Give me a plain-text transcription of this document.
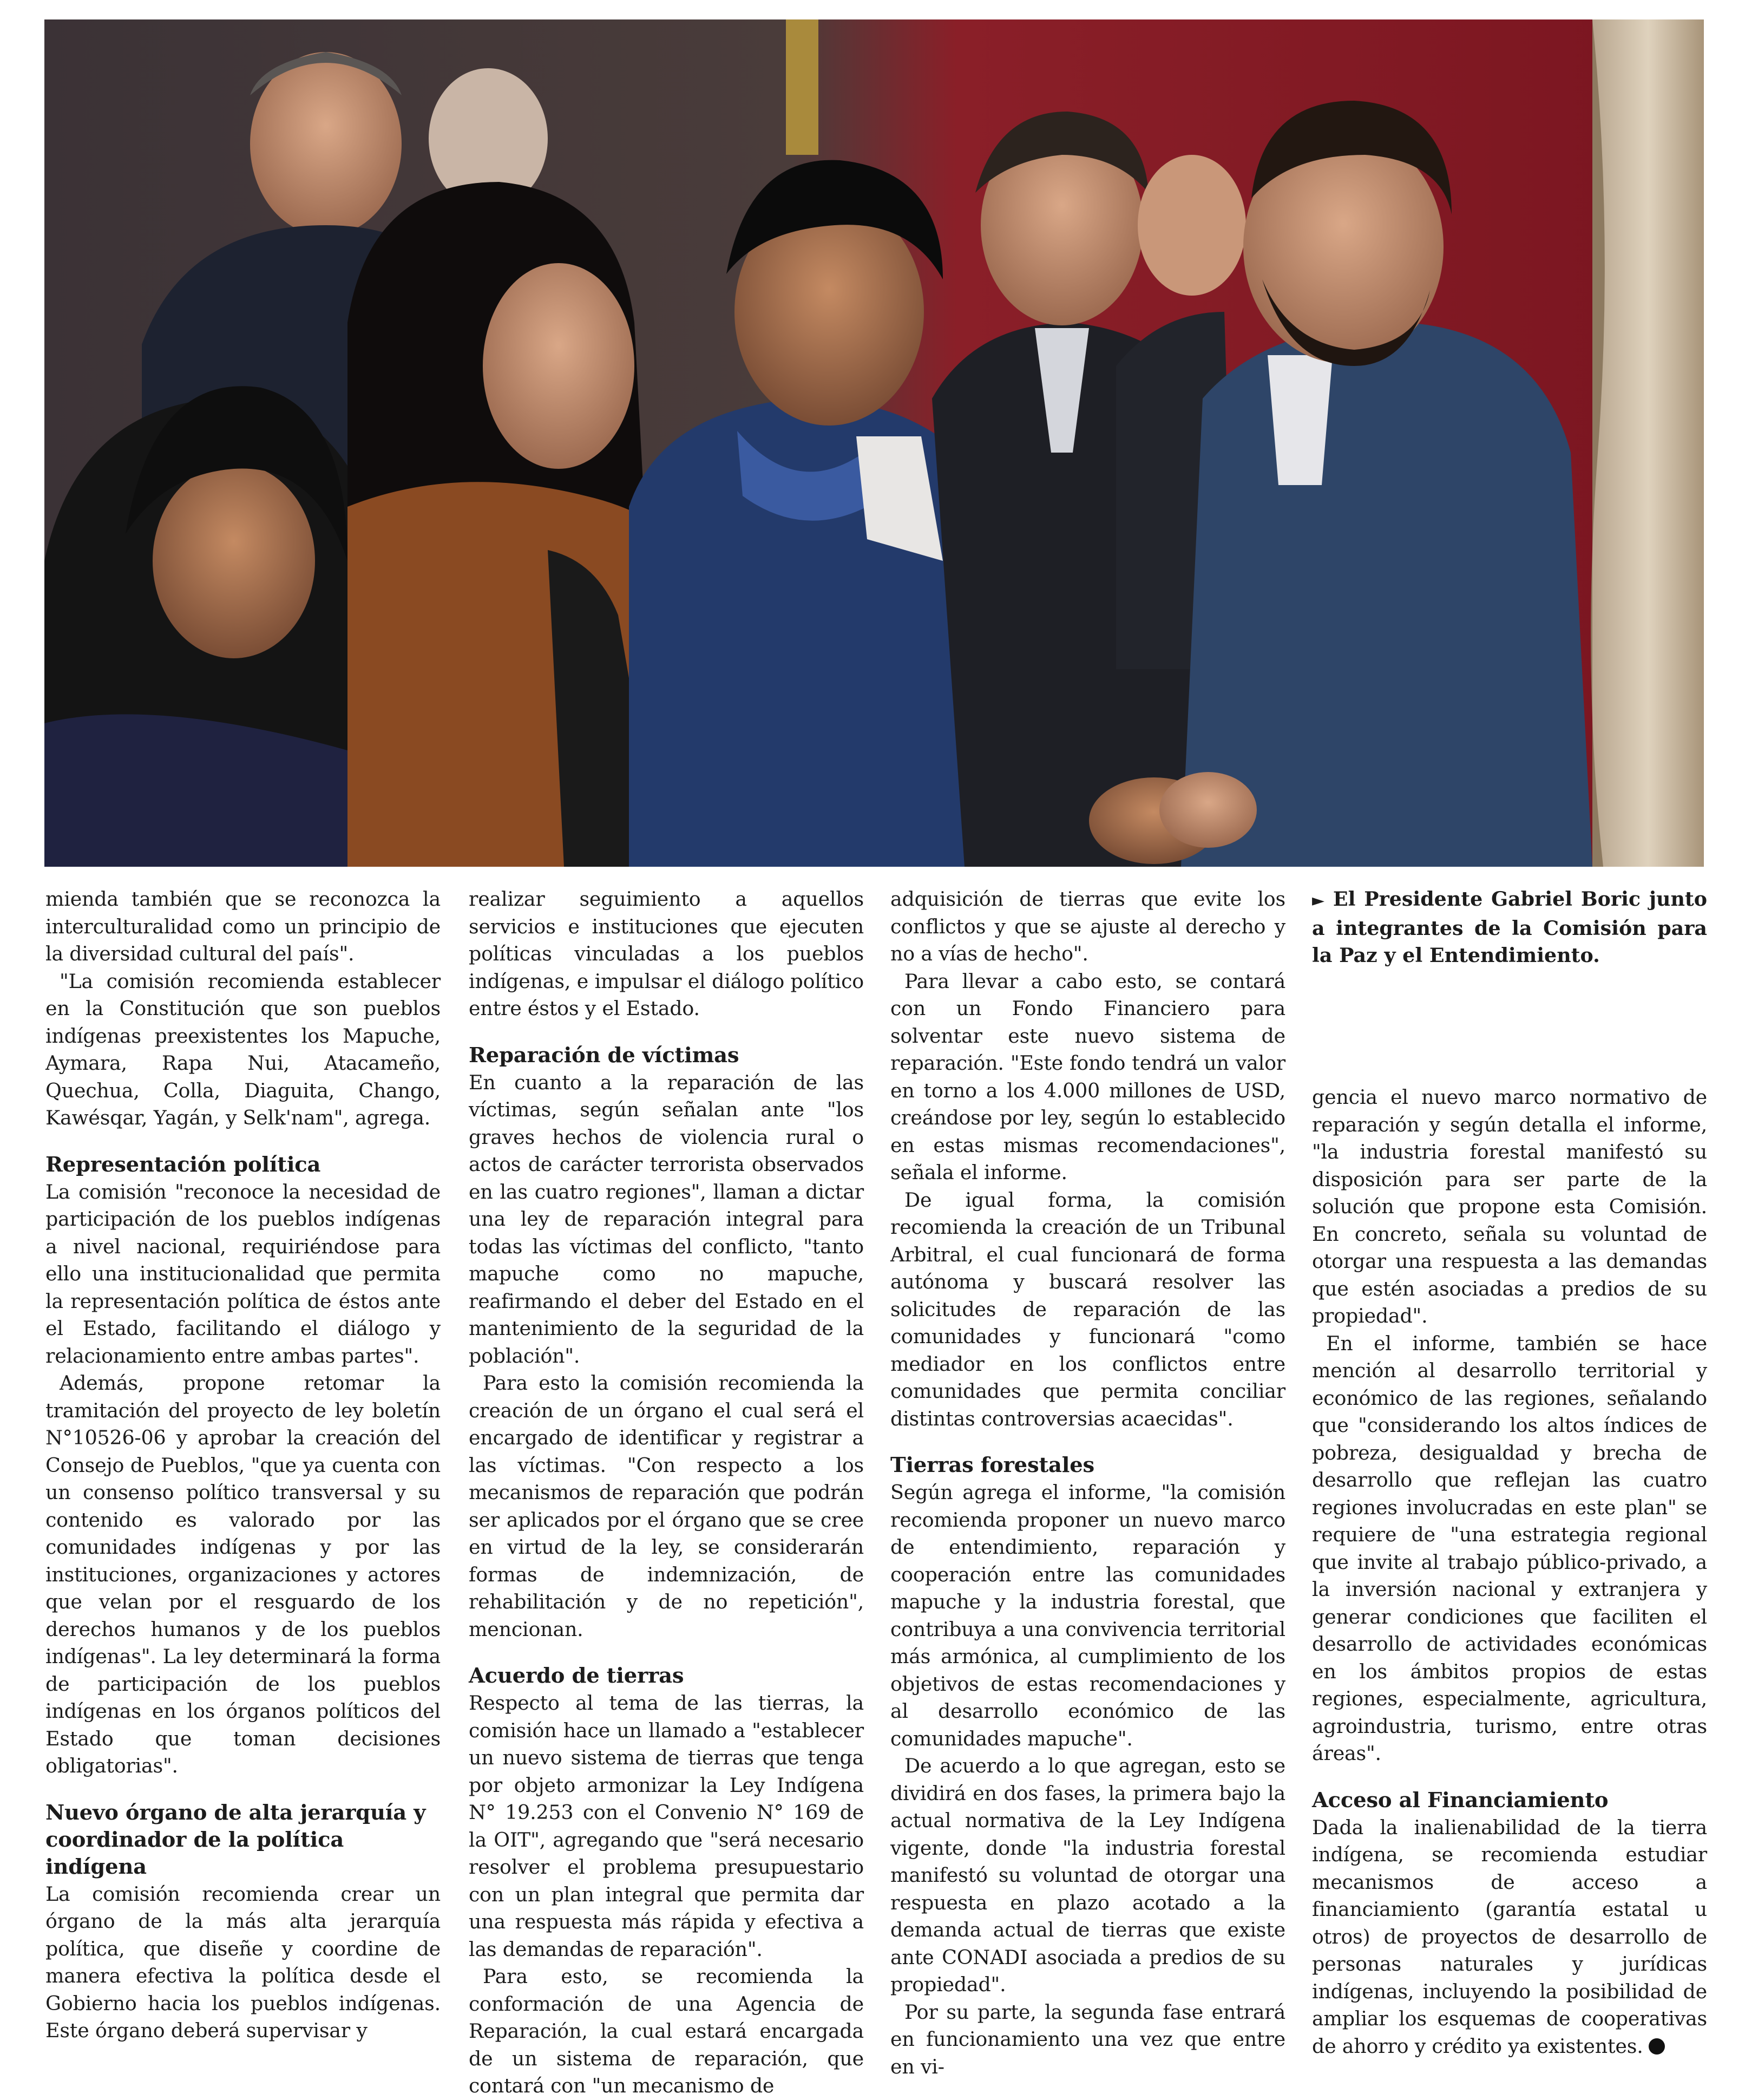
► El Presidente Gabriel Boric junto a integrantes de la Comisión para la Paz y el Entendimiento.

mienda también que se reconozca la interculturalidad como un principio de la diversidad cultural del país".

"La comisión recomienda establecer en la Constitución que son pueblos indígenas preexistentes los Mapuche, Aymara, Rapa Nui, Atacameño, Quechua, Colla, Diaguita, Chango, Kawésqar, Yagán, y Selk'nam", agrega.

Representación política

La comisión "reconoce la necesidad de participación de los pueblos indígenas a nivel nacional, requiriéndose para ello una institucionalidad que permita la representación política de éstos ante el Estado, facilitando el diálogo y relacionamiento entre ambas partes".

Además, propone retomar la tramitación del proyecto de ley boletín N°10526-06 y aprobar la creación del Consejo de Pueblos, "que ya cuenta con un consenso político transversal y su contenido es valorado por las comunidades indígenas y por las instituciones, organizaciones y actores que velan por el resguardo de los derechos humanos y de los pueblos indígenas". La ley determinará la forma de participación de los pueblos indígenas en los órganos políticos del Estado que toman decisiones obligatorias".

Nuevo órgano de alta jerarquía y coordinador de la política indígena

La comisión recomienda crear un órgano de la más alta jerarquía política, que diseñe y coordine de manera efectiva la política desde el Gobierno hacia los pueblos indígenas. Este órgano deberá supervisar y

realizar seguimiento a aquellos servicios e instituciones que ejecuten políticas vinculadas a los pueblos indígenas, e impulsar el diálogo político entre éstos y el Estado.

Reparación de víctimas

En cuanto a la reparación de las víctimas, según señalan ante "los graves hechos de violencia rural o actos de carácter terrorista observados en las cuatro regiones", llaman a dictar una ley de reparación integral para todas las víctimas del conflicto, "tanto mapuche como no mapuche, reafirmando el deber del Estado en el mantenimiento de la seguridad de la población".

Para esto la comisión recomienda la creación de un órgano el cual será el encargado de identificar y registrar a las víctimas. "Con respecto a los mecanismos de reparación que podrán ser aplicados por el órgano que se cree en virtud de la ley, se considerarán formas de indemnización, de rehabilitación y de no repetición", mencionan.

Acuerdo de tierras

Respecto al tema de las tierras, la comisión hace un llamado a "establecer un nuevo sistema de tierras que tenga por objeto armonizar la Ley Indígena N° 19.253 con el Convenio N° 169 de la OIT", agregando que "será necesario resolver el problema presupuestario con un plan integral que permita dar una respuesta más rápida y efectiva a las demandas de reparación".

Para esto, se recomienda la conformación de una Agencia de Reparación, la cual estará encargada de un sistema de reparación, que contará con "un mecanismo de

adquisición de tierras que evite los conflictos y que se ajuste al derecho y no a vías de hecho".

Para llevar a cabo esto, se contará con un Fondo Financiero para solventar este nuevo sistema de reparación. "Este fondo tendrá un valor en torno a los 4.000 millones de USD, creándose por ley, según lo establecido en estas mismas recomendaciones", señala el informe.

De igual forma, la comisión recomienda la creación de un Tribunal Arbitral, el cual funcionará de forma autónoma y buscará resolver las solicitudes de reparación de las comunidades y funcionará "como mediador en los conflictos entre comunidades que permita conciliar distintas controversias acaecidas".

Tierras forestales

Según agrega el informe, "la comisión recomienda proponer un nuevo marco de entendimiento, reparación y cooperación entre las comunidades mapuche y la industria forestal, que contribuya a una convivencia territorial más armónica, al cumplimiento de los objetivos de estas recomendaciones y al desarrollo económico de las comunidades mapuche".

De acuerdo a lo que agregan, esto se dividirá en dos fases, la primera bajo la actual normativa de la Ley Indígena vigente, donde "la industria forestal manifestó su voluntad de otorgar una respuesta en plazo acotado a la demanda actual de tierras que existe ante CONADI asociada a predios de su propiedad".

Por su parte, la segunda fase entrará en funcionamiento una vez que entre en vi-

gencia el nuevo marco normativo de reparación y según detalla el informe, "la industria forestal manifestó su disposición para ser parte de la solución que propone esta Comisión. En concreto, señala su voluntad de otorgar una respuesta a las demandas que estén asociadas a predios de su propiedad".

En el informe, también se hace mención al desarrollo territorial y económico de las regiones, señalando que "considerando los altos índices de pobreza, desigualdad y brecha de desarrollo que reflejan las cuatro regiones involucradas en este plan" se requiere de "una estrategia regional que invite al trabajo público-privado, a la inversión nacional y extranjera y generar condiciones que faciliten el desarrollo de actividades económicas en los ámbitos propios de estas regiones, especialmente, agricultura, agroindustria, turismo, entre otras áreas".

Acceso al Financiamiento

Dada la inalienabilidad de la tierra indígena, se recomienda estudiar mecanismos de acceso a financiamiento (garantía estatal u otros) de proyectos de desarrollo de personas naturales y jurídicas indígenas, incluyendo la posibilidad de ampliar los esquemas de cooperativas de ahorro y crédito ya existentes.
